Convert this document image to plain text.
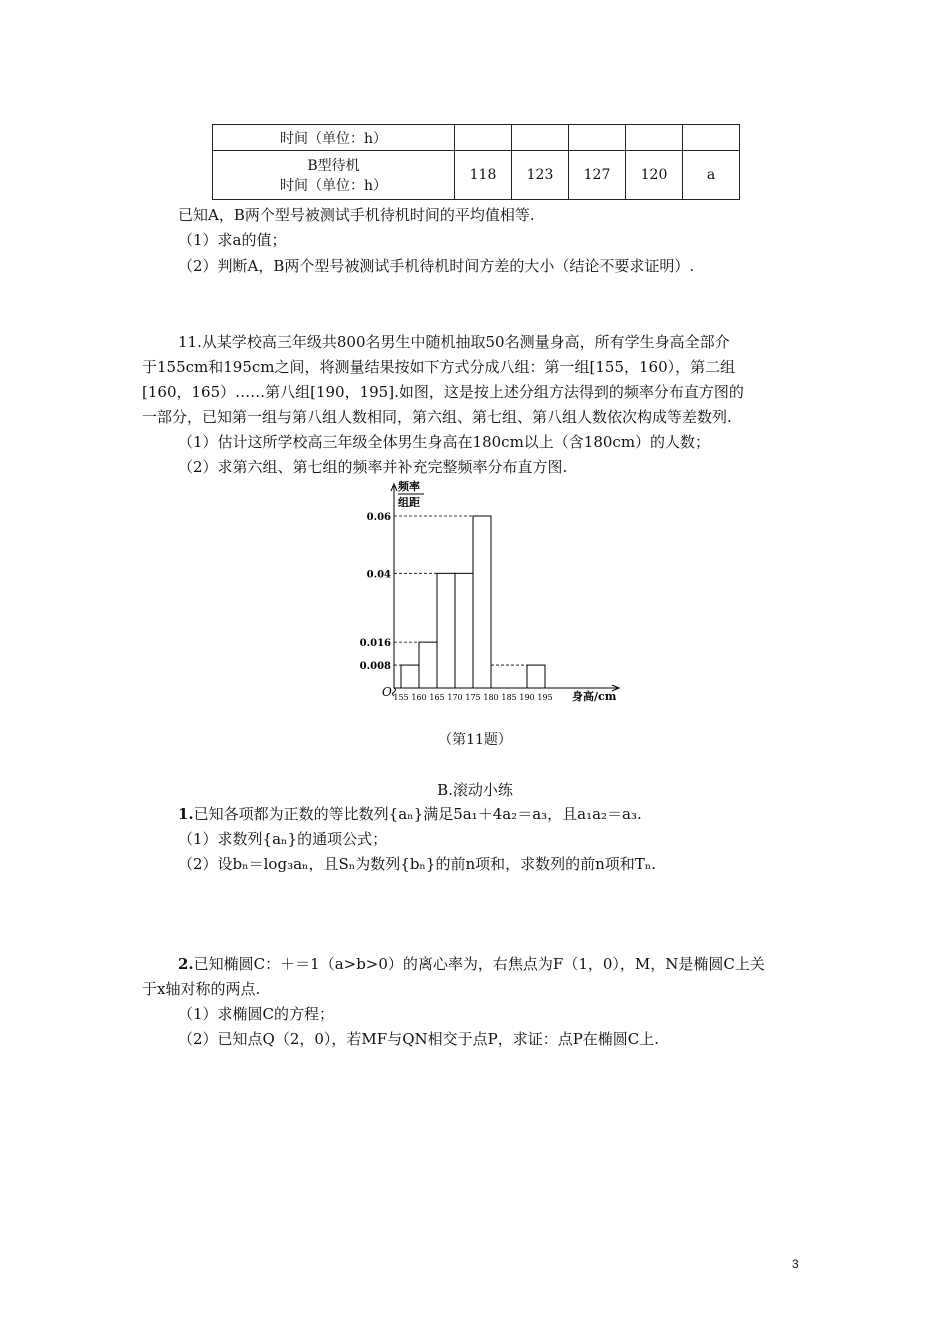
时间（单位：h）					

B型待机
时间（单位：h）	118	123	127	120	a
已知A，B两个型号被测试手机待机时间的平均值相等.
（1）求a的值；
（2）判断A，B两个型号被测试手机待机时间方差的大小（结论不要求证明）.
11.从某学校高三年级共800名男生中随机抽取50名测量身高，所有学生身高全部介
于155cm和195cm之间，将测量结果按如下方式分成八组：第一组[155，160），第二组
[160，165）……第八组[190，195].如图，这是按上述分组方法得到的频率分布直方图的
一部分，已知第一组与第八组人数相同，第六组、第七组、第八组人数依次构成等差数列.
（1）估计这所学校高三年级全体男生身高在180cm以上（含180cm）的人数；
（2）求第六组、第七组的频率并补充完整频率分布直方图.
频率
组距
0.06
0.04
0.016
0.008
155 160 165 170 175 180 185 190 195 身高/cm
O
（第11题）
B.滚动小练
1.已知各项都为正数的等比数列{aₙ}满足5a₁＋4a₂＝a₃，且a₁a₂＝a₃.
（1）求数列{aₙ}的通项公式；
（2）设bₙ＝log₃aₙ，且Sₙ为数列{bₙ}的前n项和，求数列的前n项和Tₙ.
2.已知椭圆C：＋＝1（a>b>0）的离心率为，右焦点为F（1，0），M，N是椭圆C上关
于x轴对称的两点.
（1）求椭圆C的方程；
（2）已知点Q（2，0），若MF与QN相交于点P，求证：点P在椭圆C上.
3
